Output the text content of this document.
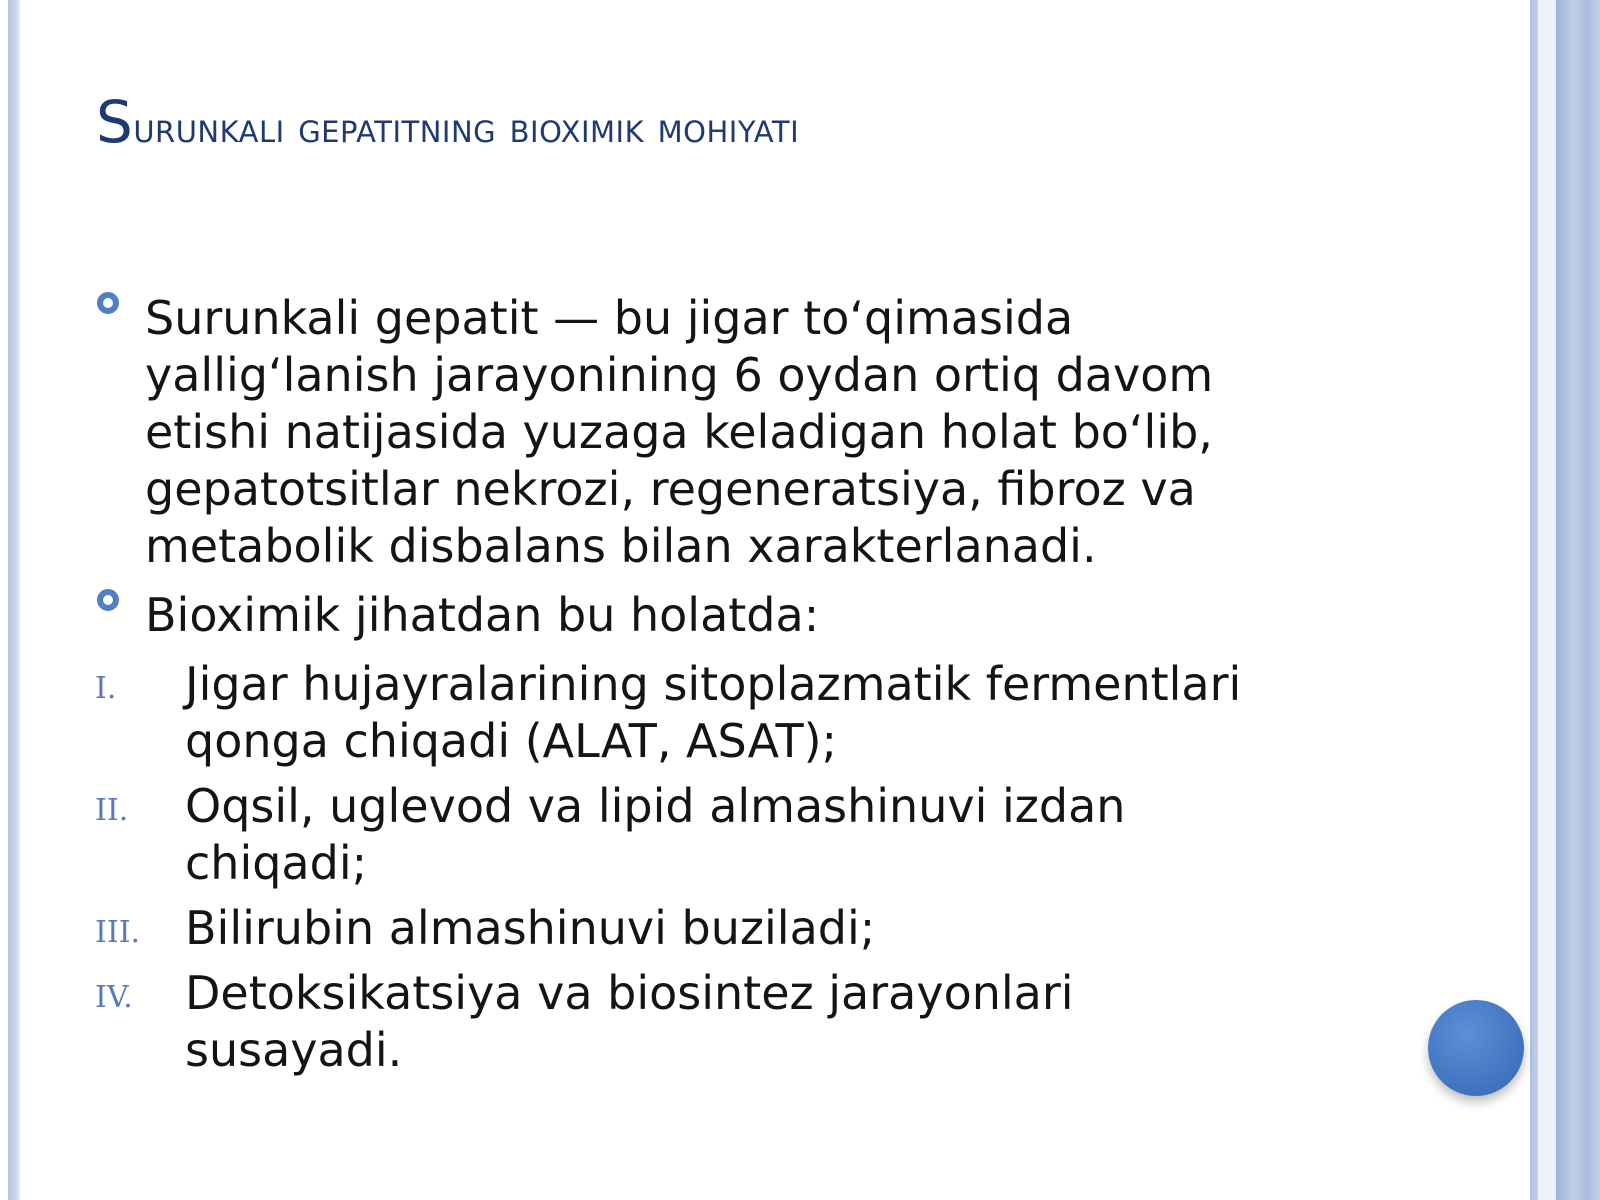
Surunkali gepatitning bioximik mohiyati
Surunkali gepatit — bu jigar to‘qimasida
yallig‘lanish jarayonining 6 oydan ortiq davom
etishi natijasida yuzaga keladigan holat bo‘lib,
gepatotsitlar nekrozi, regeneratsiya, fibroz va
metabolik disbalans bilan xarakterlanadi.
Bioximik jihatdan bu holatda:
I. Jigar hujayralarining sitoplazmatik fermentlari
qonga chiqadi (ALAT, ASAT);
II. Oqsil, uglevod va lipid almashinuvi izdan
chiqadi;
III. Bilirubin almashinuvi buziladi;
IV. Detoksikatsiya va biosintez jarayonlari
susayadi.
